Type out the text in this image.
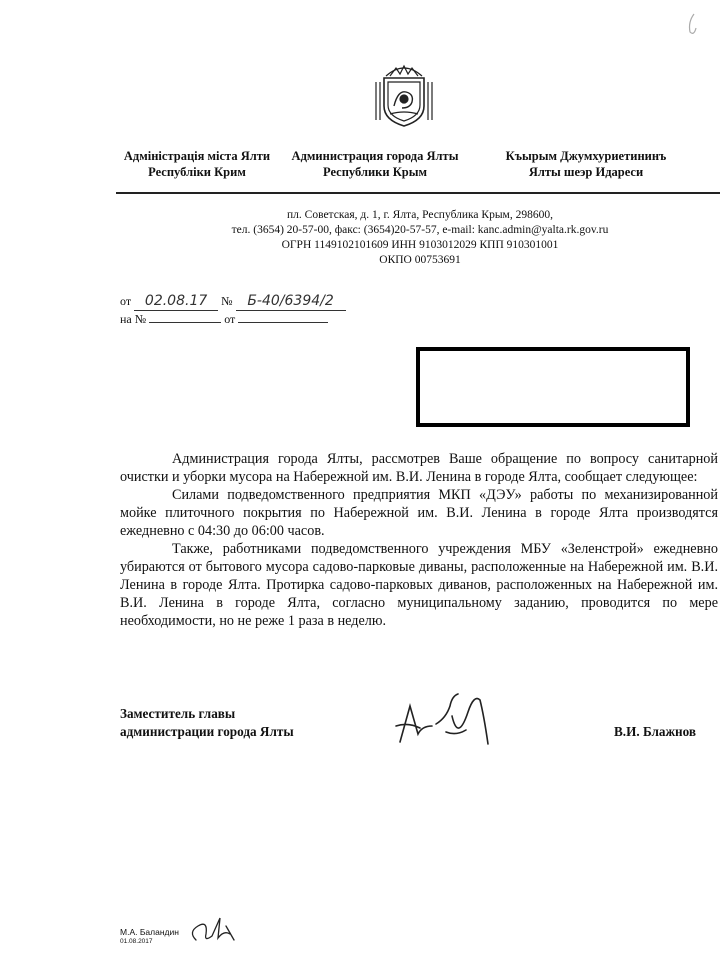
Адміністрація міста Ялти
Республіки Крим
Администрация города Ялты
Республики Крым
Къырым Джумхуриетининъ
Ялты шеэр Идареси
пл. Советская, д. 1, г. Ялта, Республика Крым, 298600,
тел. (3654) 20-57-00, факс: (3654)20-57-57, e-mail: kanc.admin@yalta.rk.gov.ru
ОГРН 1149102101609 ИНН 9103012029 КПП 910301001
ОКПО 00753691
от 02.08.17 № Б-40/6394/2
на №	от

Администрация города Ялты, рассмотрев Ваше обращение по вопросу санитарной очистки и уборки мусора на Набережной им. В.И. Ленина в городе Ялта, сообщает следующее:

Силами подведомственного предприятия МКП «ДЭУ» работы по механизированной мойке плиточного покрытия по Набережной им. В.И. Ленина в городе Ялта производятся ежедневно с 04:30 до 06:00 часов.

Также, работниками подведомственного учреждения МБУ «Зеленстрой» ежедневно убираются от бытового мусора садово-парковые диваны, расположенные на Набережной им. В.И. Ленина в городе Ялта. Протирка садово-парковых диванов, расположенных на Набережной им. В.И. Ленина в городе Ялта, согласно муниципальному заданию, проводится по мере необходимости, но не реже 1 раза в неделю.

Заместитель главы
администрации города Ялты	В.И. Блажнов
М.А. Баландин
01.08.2017
